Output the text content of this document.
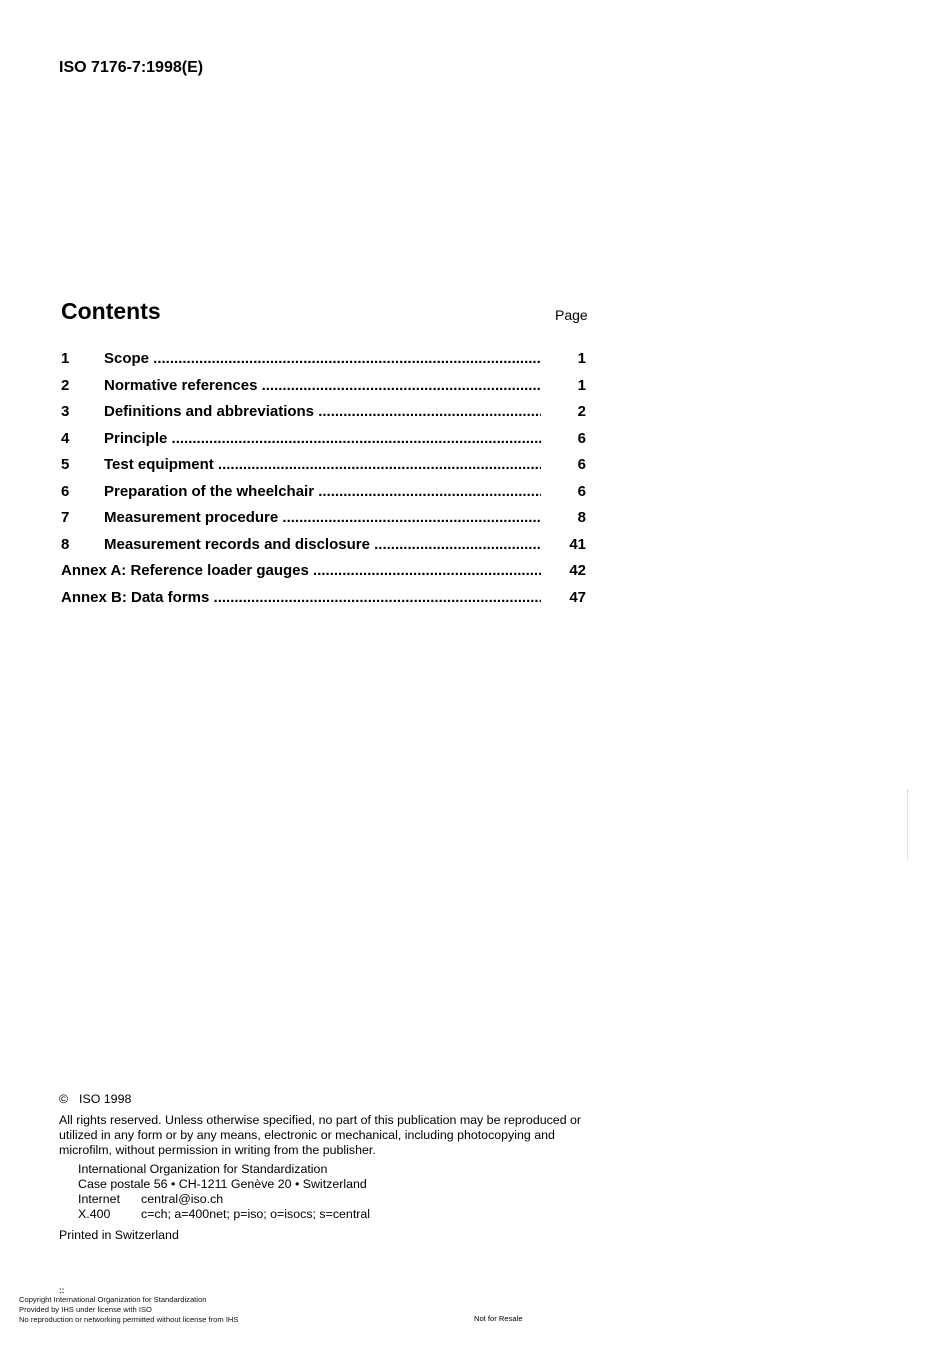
ISO 7176-7:1998(E)
Contents	Page
1 Scope .....	1
2 Normative references .....	1
3 Definitions and abbreviations .....	2
4 Principle .....	6
5 Test equipment .....	6
6 Preparation of the wheelchair .....	6
7 Measurement procedure .....	8
8 Measurement records and disclosure .....	41
Annex A: Reference loader gauges .....	42
Annex B: Data forms .....	47
© ISO 1998
All rights reserved. Unless otherwise specified, no part of this publication may be reproduced or utilized in any form or by any means, electronic or mechanical, including photocopying and microfilm, without permission in writing from the publisher.
International Organization for Standardization
Case postale 56 • CH-1211 Genève 20 • Switzerland
Internet central@iso.ch
X.400 c=ch; a=400net; p=iso; o=isocs; s=central
Printed in Switzerland
::
Copyright International Organization for Standardization
Provided by IHS under license with ISO
No reproduction or networking permitted without license from IHS	Not for Resale
